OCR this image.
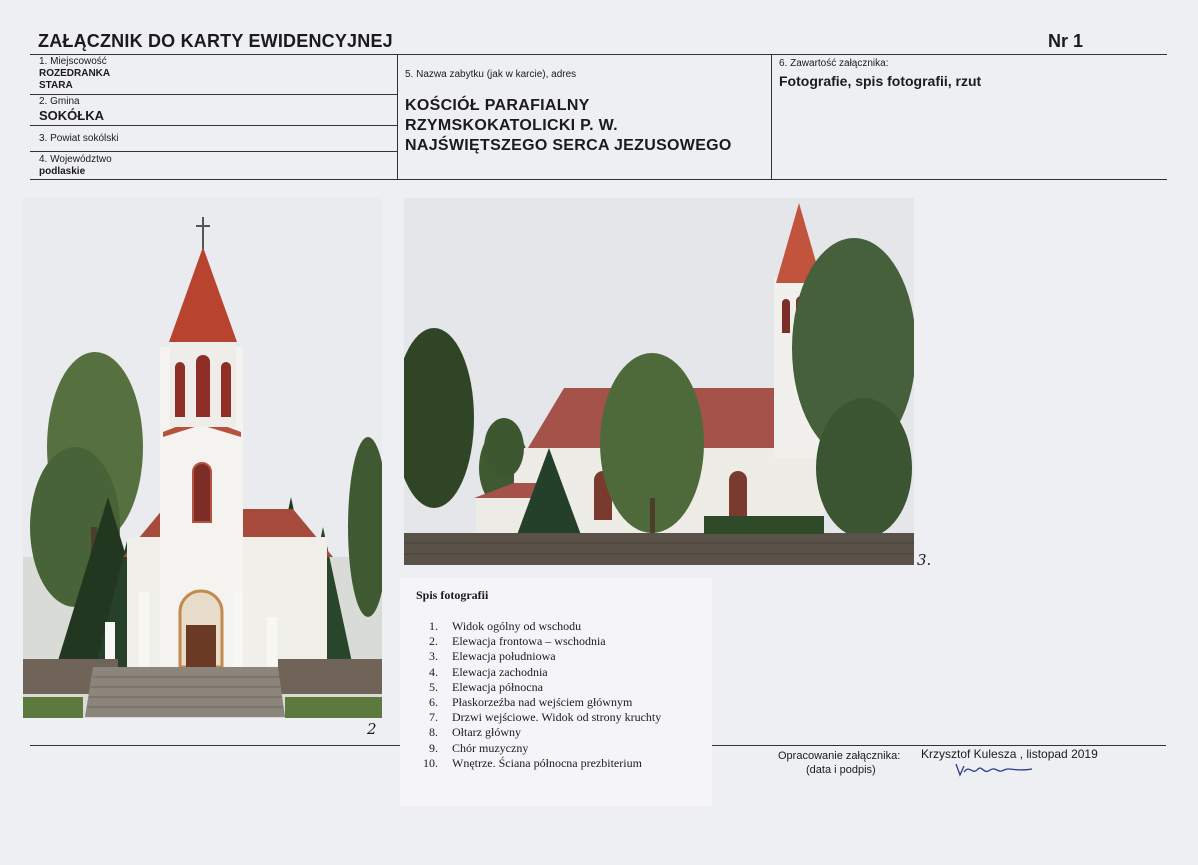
ZAŁĄCZNIK DO KARTY EWIDENCYJNEJ	Nr 1
1. Miejscowość
ROZEDRANKA
STARA
2. Gmina
SOKÓŁKA
3. Powiat sokólski
4. Województwo
podlaskie
5. Nazwa zabytku (jak w karcie), adres
KOŚCIÓŁ PARAFIALNY
RZYMSKOKATOLICKI P. W.
NAJŚWIĘTSZEGO SERCA JEZUSOWEGO
6. Zawartość załącznika:
Fotografie, spis fotografii, rzut
2
3.
Spis fotografii
1. Widok ogólny od wschodu
2. Elewacja frontowa – wschodnia
3. Elewacja południowa
4. Elewacja zachodnia
5. Elewacja północna
6. Płaskorzeźba nad wejściem głównym
7. Drzwi wejściowe. Widok od strony kruchty
8. Ołtarz główny
9. Chór muzyczny
10. Wnętrze. Ściana północna prezbiterium	Opracowanie załącznika:
(data i podpis)
Krzysztof Kulesza , listopad 2019
